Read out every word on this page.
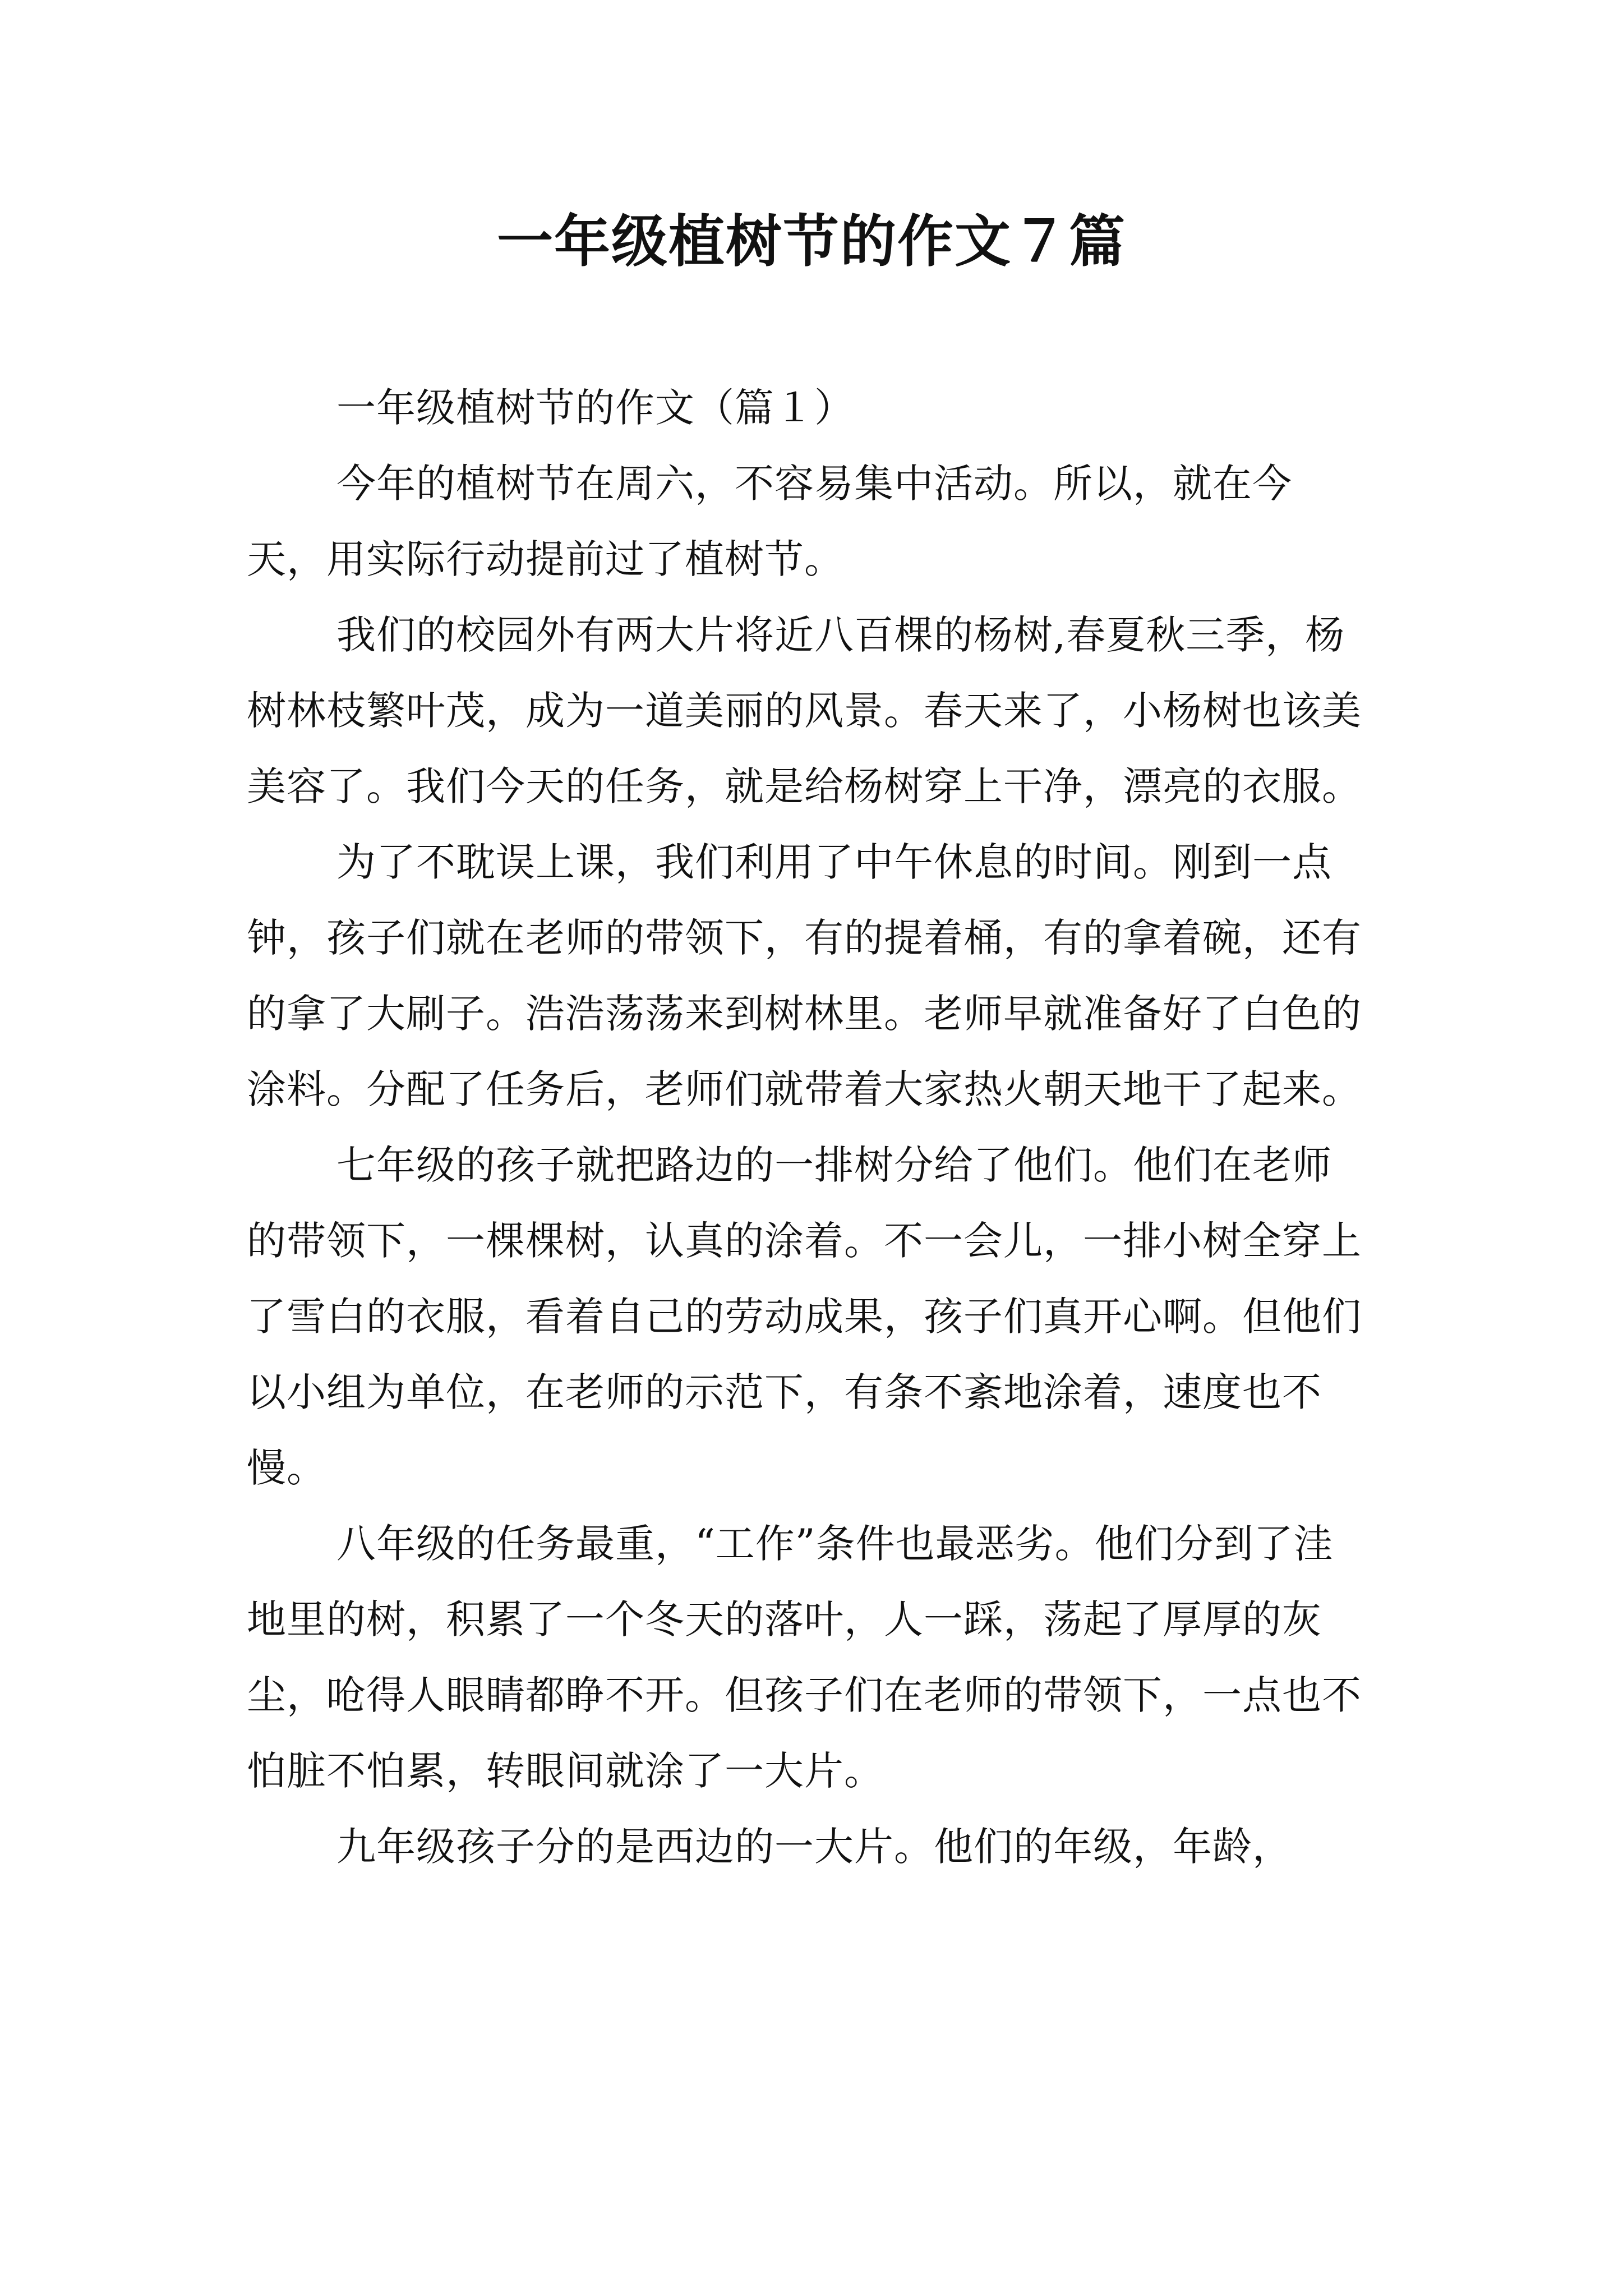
一年级植树节的作文７篇

一年级植树节的作文（篇１）

今年的植树节在周六，不容易集中活动。所以，就在今天，用实际行动提前过了植树节。

我们的校园外有两大片将近八百棵的杨树,春夏秋三季，杨树林枝繁叶茂，成为一道美丽的风景。春天来了，小杨树也该美美容了。我们今天的任务，就是给杨树穿上干净，漂亮的衣服。

为了不耽误上课，我们利用了中午休息的时间。刚到一点钟，孩子们就在老师的带领下，有的提着桶，有的拿着碗，还有的拿了大刷子。浩浩荡荡来到树林里。老师早就准备好了白色的涂料。分配了任务后，老师们就带着大家热火朝天地干了起来。

七年级的孩子就把路边的一排树分给了他们。他们在老师的带领下，一棵棵树，认真的涂着。不一会儿，一排小树全穿上了雪白的衣服，看着自己的劳动成果，孩子们真开心啊。但他们以小组为单位，在老师的示范下，有条不紊地涂着，速度也不慢。

八年级的任务最重，“工作”条件也最恶劣。他们分到了洼地里的树，积累了一个冬天的落叶，人一踩，荡起了厚厚的灰尘，呛得人眼睛都睁不开。但孩子们在老师的带领下，一点也不怕脏不怕累，转眼间就涂了一大片。

九年级孩子分的是西边的一大片。他们的年级，年龄，
